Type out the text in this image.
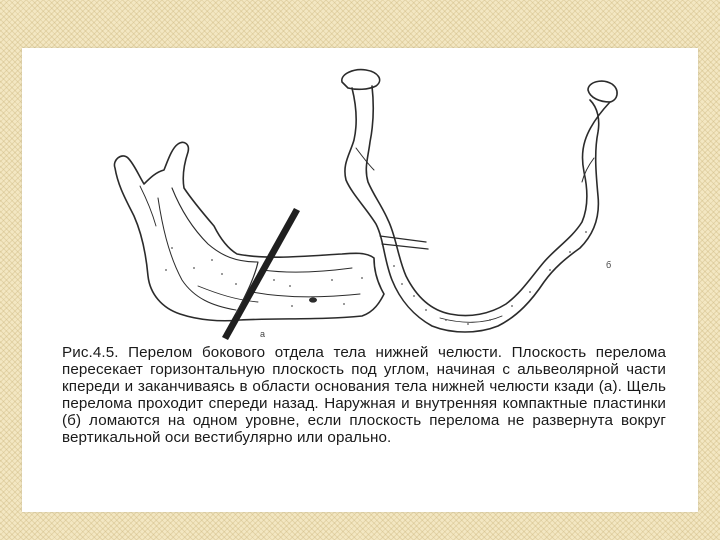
а
б

Рис.4.5. Перелом бокового отдела тела нижней челюсти. Плоскость перелома пересекает горизонтальную плоскость под углом, начиная с альвеолярной части кпереди и заканчиваясь в области основания тела нижней челюсти кзади (а). Щель перелома проходит спереди назад. Наружная и внутренняя компактные пластинки (б) ломаются на одном уровне, если плоскость перелома не развернута вокруг вертикальной оси вестибулярно или орально.
